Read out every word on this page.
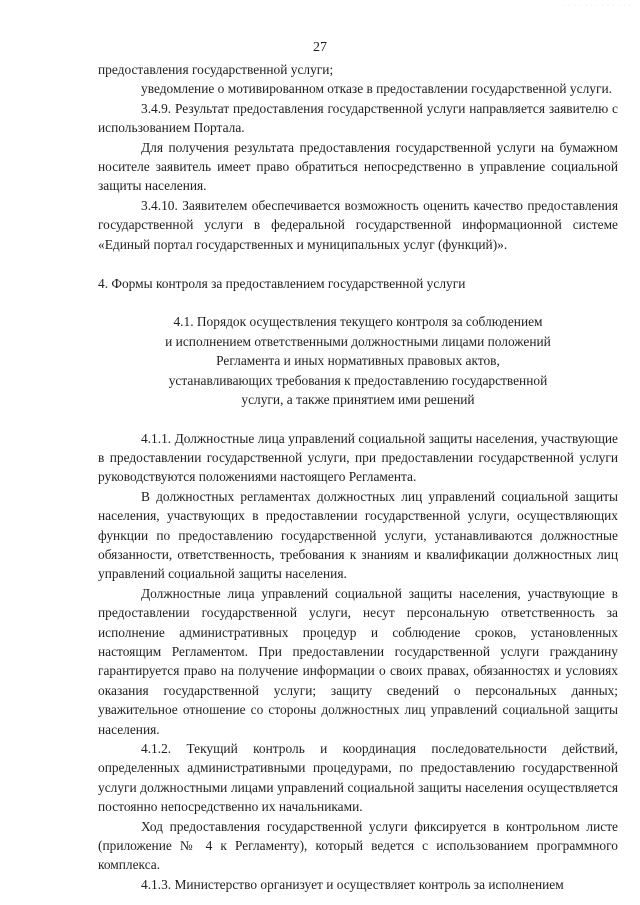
· · · · · · · · · · · · ·
27

предоставления государственной услуги;

уведомление о мотивированном отказе в предоставлении государственной услуги.

3.4.9. Результат предоставления государственной услуги направляется заявителю с использованием Портала.

Для получения результата предоставления государственной услуги на бумажном носителе заявитель имеет право обратиться непосредственно в управление социальной защиты населения.

3.4.10. Заявителем обеспечивается возможность оценить качество предоставления государственной услуги в федеральной государственной информационной системе «Единый портал государственных и муниципальных услуг (функций)».

4. Формы контроля за предоставлением государственной услуги
4.1. Порядок осуществления текущего контроля за соблюдением
и исполнением ответственными должностными лицами положений
Регламента и иных нормативных правовых актов,
устанавливающих требования к предоставлению государственной
услуги, а также принятием ими решений

4.1.1. Должностные лица управлений социальной защиты населения, участвующие в предоставлении государственной услуги, при предоставлении государственной услуги руководствуются положениями настоящего Регламента.

В должностных регламентах должностных лиц управлений социальной защиты населения, участвующих в предоставлении государственной услуги, осуществляющих функции по предоставлению государственной услуги, устанавливаются должностные обязанности, ответственность, требования к знаниям и квалификации должностных лиц управлений социальной защиты населения.

Должностные лица управлений социальной защиты населения, участвующие в предоставлении государственной услуги, несут персональную ответственность за исполнение административных процедур и соблюдение сроков, установленных настоящим Регламентом. При предоставлении государственной услуги гражданину гарантируется право на получение информации о своих правах, обязанностях и условиях оказания государственной услуги; защиту сведений о персональных данных; уважительное отношение со стороны должностных лиц управлений социальной защиты населения.

4.1.2. Текущий контроль и координация последовательности действий, определенных административными процедурами, по предоставлению государственной услуги должностными лицами управлений социальной защиты населения осуществляется постоянно непосредственно их начальниками.

Ход предоставления государственной услуги фиксируется в контрольном листе (приложение № 4 к Регламенту), который ведется с использованием программного комплекса.

4.1.3. Министерство организует и осуществляет контроль за исполнением
